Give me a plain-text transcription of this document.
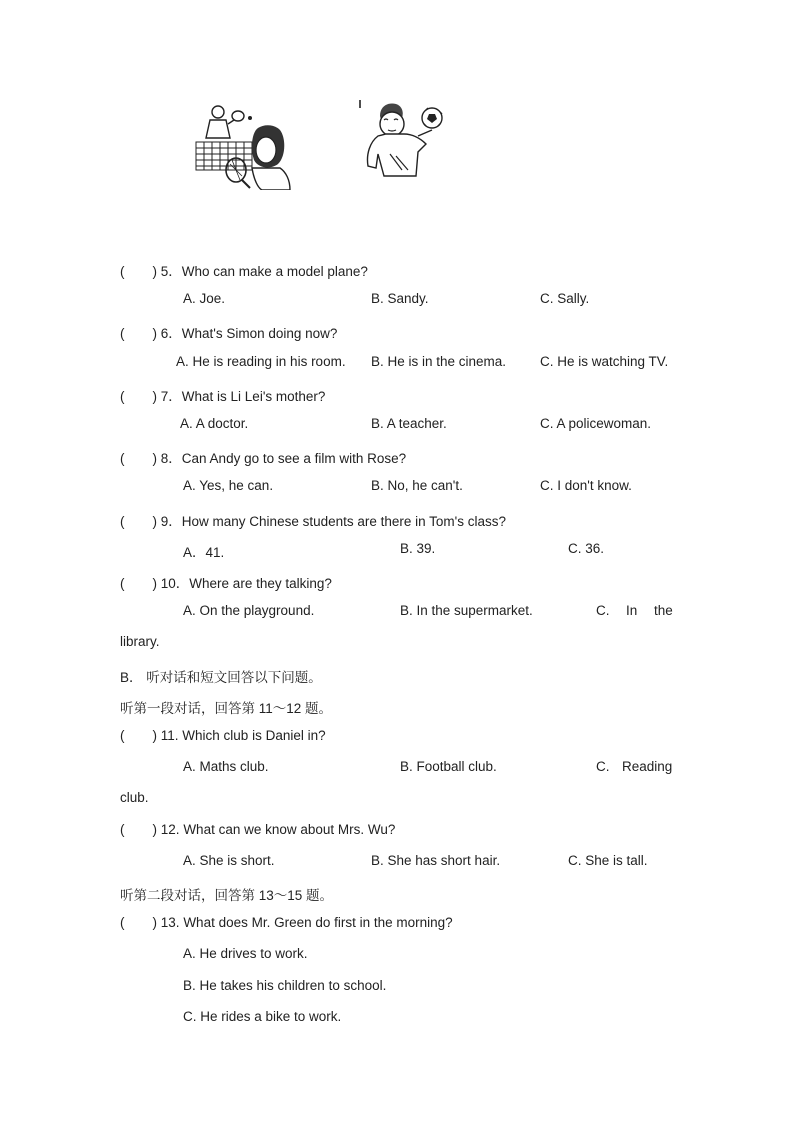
( ) 5．Who can make a model plane?
A. Joe.	B. Sandy.	C. Sally.
( ) 6．What's Simon doing now?
A. He is reading in his room. B. He is in the cinema.	C. He is watching TV.
( ) 7．What is Li Lei's mother?
A. A doctor.	B. A teacher.	C. A policewoman.
( ) 8．Can Andy go to see a film with Rose?
A. Yes, he can.	B. No, he can't.	C. I don't know.
( ) 9．How many Chinese students are there in Tom's class?
A．41.	B. 39.	C. 36.
( ) 10．Where are they talking?
A. On the playground.	B. In the supermarket.	C. In the
library.
B． 听对话和短文回答以下问题。
听第一段对话，回答第 11～12 题。
( ) 11. Which club is Daniel in?
A. Maths club.	B. Football club.	C. Reading
club.
( ) 12. What can we know about Mrs. Wu?
A. She is short.	B. She has short hair.	C. She is tall.
听第二段对话，回答第 13～15 题。
( ) 13. What does Mr. Green do first in the morning?
A. He drives to work.
B. He takes his children to school.
C. He rides a bike to work.
